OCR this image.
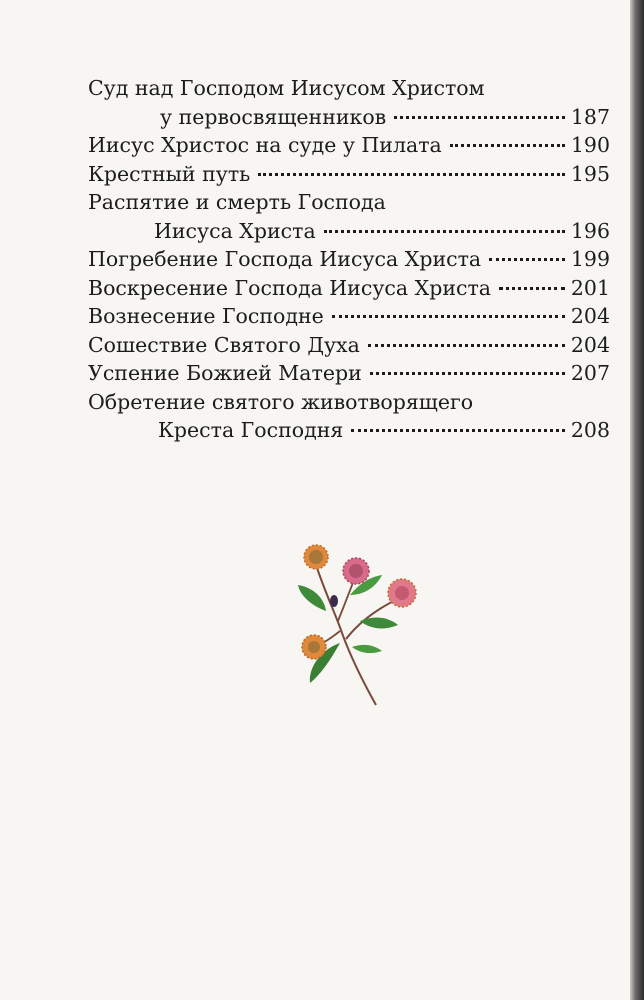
Суд над Господом Иисусом Христом
у первосвященников	187
Иисус Христос на суде у Пилата	190
Крестный путь	195
Распятие и смерть Господа
Иисуса Христа	196
Погребение Господа Иисуса Христа	199
Воскресение Господа Иисуса Христа	201
Вознесение Господне	204
Сошествие Святого Духа	204
Успение Божией Матери	207
Обретение святого животворящего
Креста Господня	208
